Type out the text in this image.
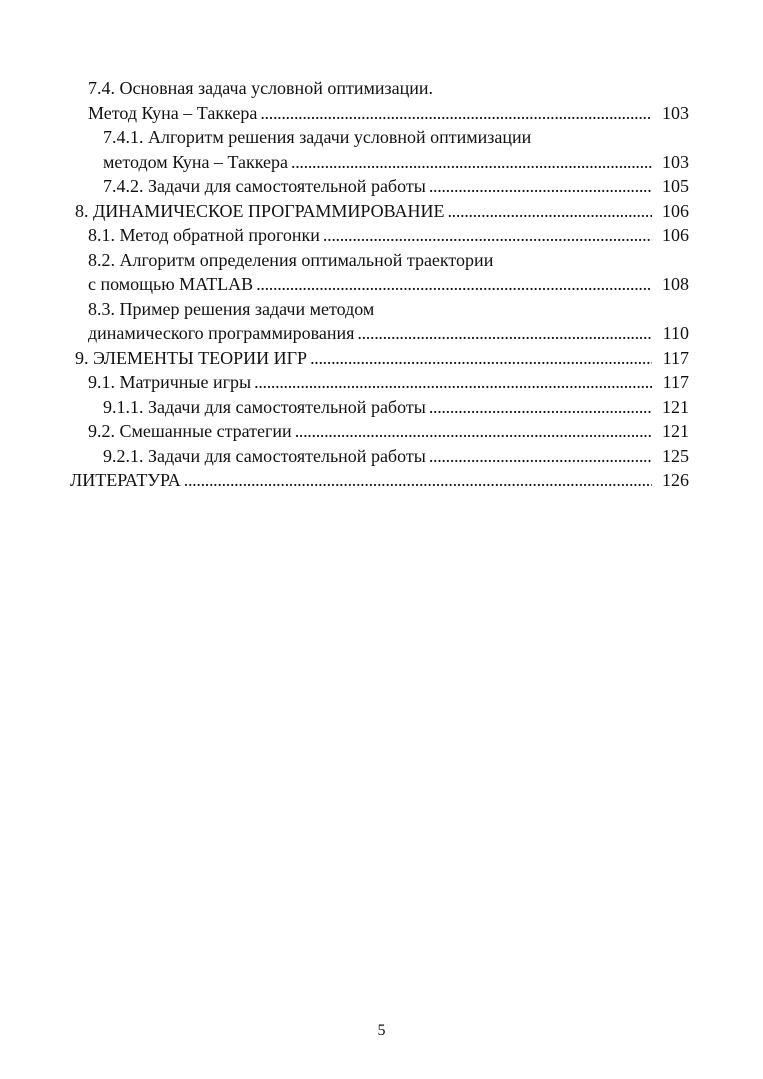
7.4. Основная задача условной оптимизации.
Метод Куна – Таккера . . .	103
7.4.1. Алгоритм решения задачи условной оптимизации
методом Куна – Таккера . . .	103
7.4.2. Задачи для самостоятельной работы . . .	105
8. ДИНАМИЧЕСКОЕ ПРОГРАММИРОВАНИЕ . . .	106
8.1. Метод обратной прогонки . . .	106
8.2. Алгоритм определения оптимальной траектории
с помощью MATLAB . . .	108
8.3. Пример решения задачи методом
динамического программирования . . .	110
9. ЭЛЕМЕНТЫ ТЕОРИИ ИГР . . .	117
9.1. Матричные игры . . .	117
9.1.1. Задачи для самостоятельной работы . . .	121
9.2. Смешанные стратегии . . .	121
9.2.1. Задачи для самостоятельной работы . . .	125
ЛИТЕРАТУРА . . .	126
5
